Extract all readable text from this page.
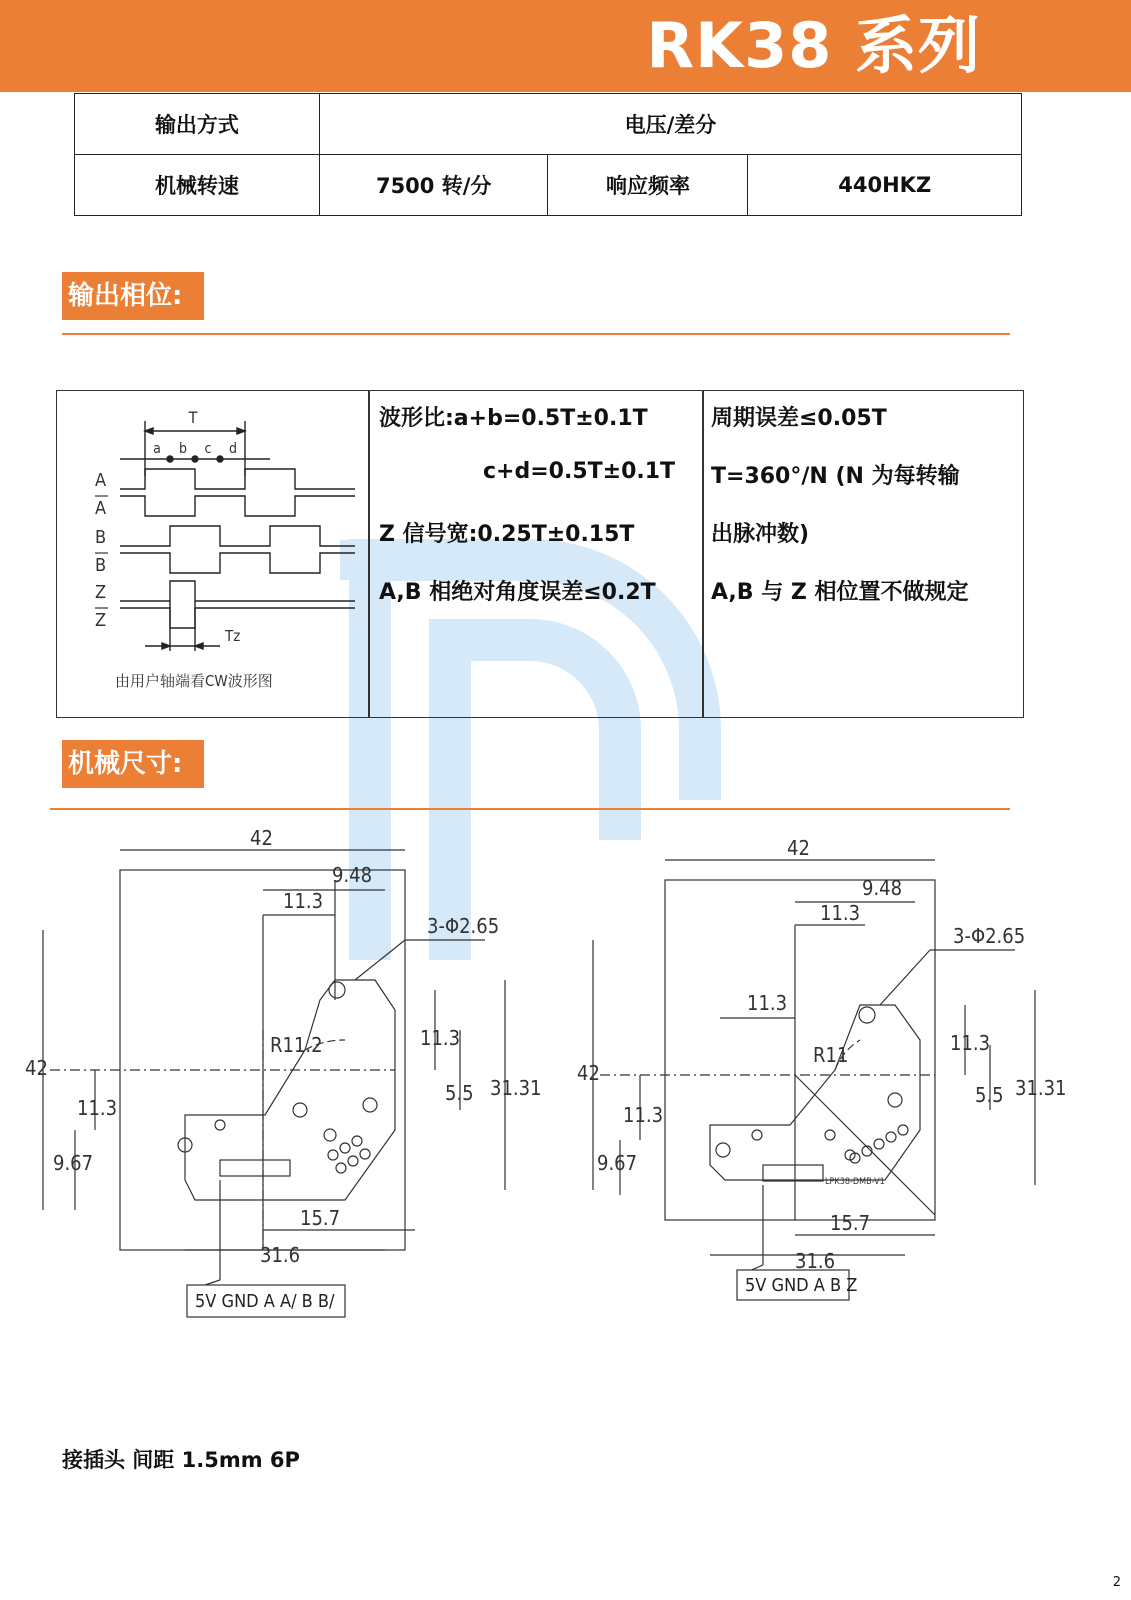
RK38 系列
输出方式	电压/差分		
机械转速	7500 转/分	响应频率	440HKZ
输出相位:
T
a b c d
A
A
B
B
Z
Z
Tz
由用户轴端看CW波形图
波形比:a+b=0.5T±0.1T
c+d=0.5T±0.1T
Z 信号宽:0.25T±0.15T
A,B 相绝对角度误差≤0.2T
周期误差≤0.05T
T=360°/N (N 为每转输
出脉冲数)
A,B 与 Z 相位置不做规定
机械尺寸:
42
9.48
11.3
3-Φ2.65
R11.2	11.3
5.5 31.31
42
11.3
9.67
15.7
31.6
5V GND A A/ B B/
42
9.48
11.3
3-Φ2.65
11.3
R11	11.3
5.5 31.31
42
11.3
9.67
15.7
31.6
LPK38-DMB-V1
5V GND A B Z
接插头 间距 1.5mm 6P
2
